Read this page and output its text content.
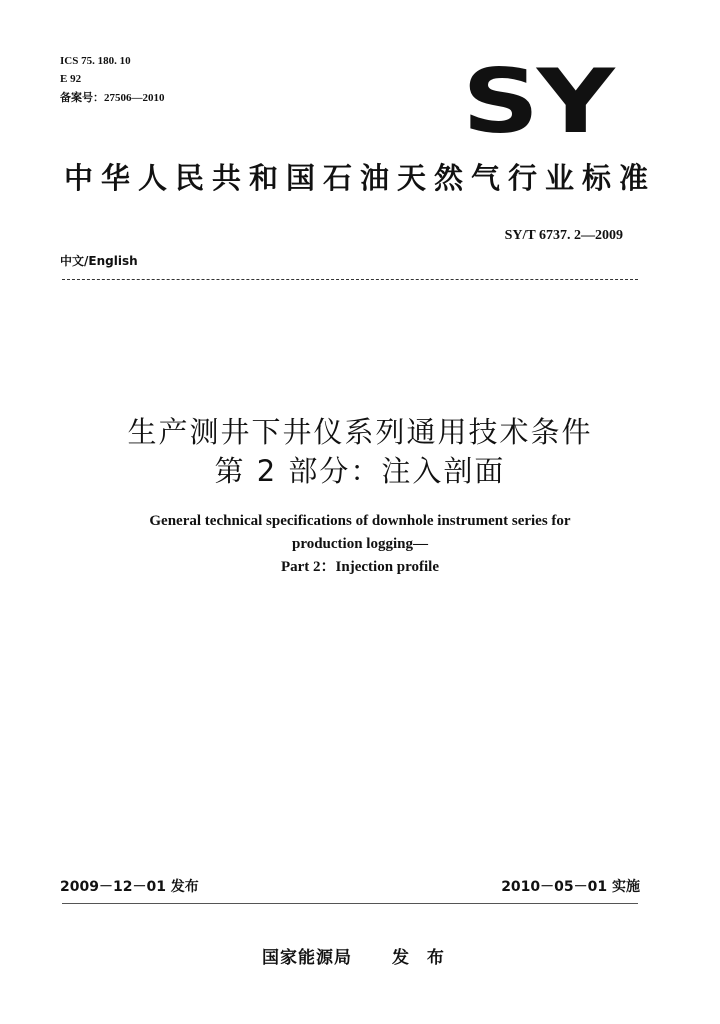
ICS 75. 180. 10
E 92
备案号：27506—2010	SY
中华人民共和国石油天然气行业标准
SY/T 6737. 2—2009
中文/English
生产测井下井仪系列通用技术条件
第 2 部分：注入剖面
General technical specifications of downhole instrument series for
production logging—
Part 2：Injection profile
2009－12－01 发布	2010－05－01 实施
国家能源局 发 布
